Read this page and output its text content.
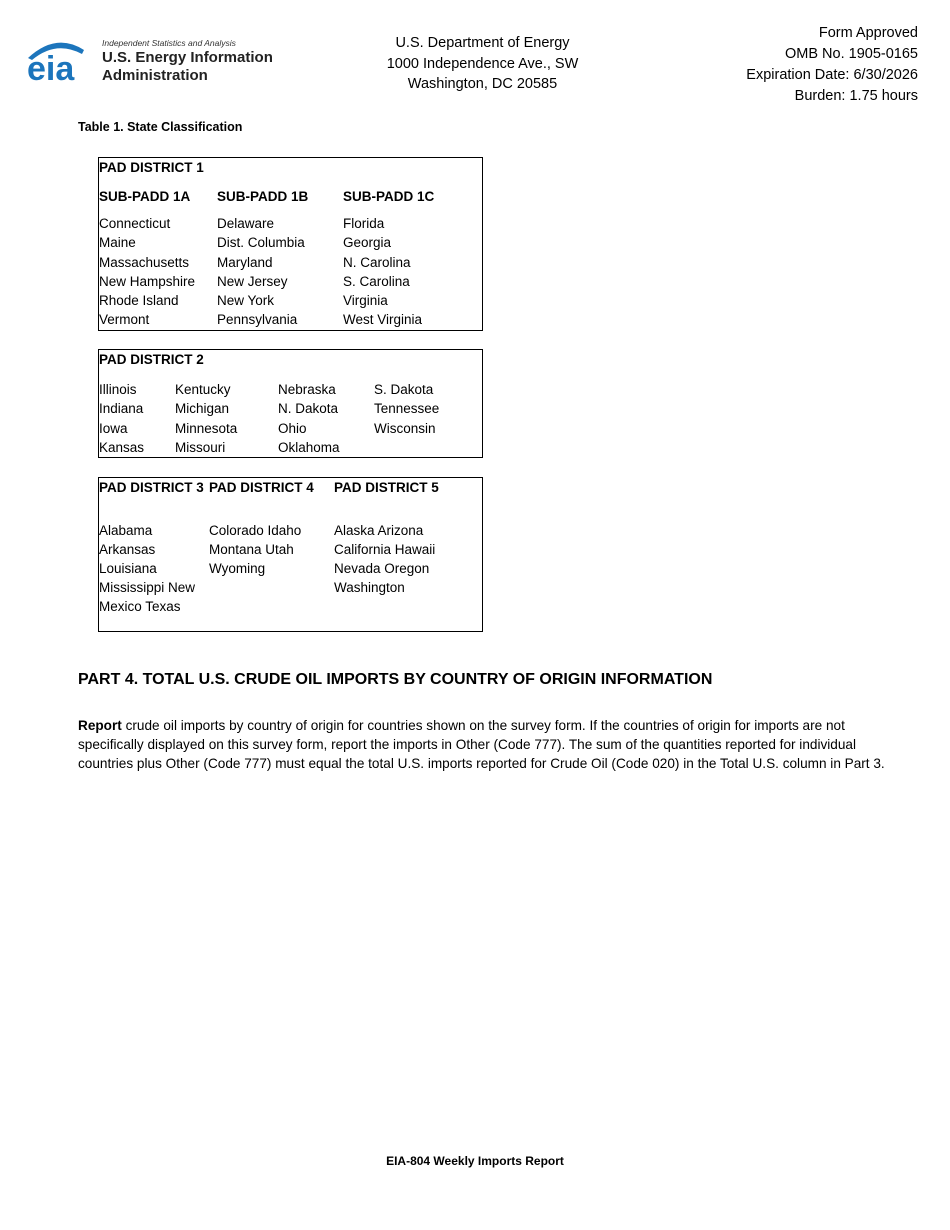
eia
Independent Statistics and Analysis
U.S. Energy Information
Administration
U.S. Department of Energy
1000 Independence Ave., SW
Washington, DC 20585
Form Approved
OMB No. 1905-0165
Expiration Date: 6/30/2026
Burden: 1.75 hours
Table 1. State Classification
PAD DISTRICT 1
SUB-PADD 1A SUB-PADD 1B	SUB-PADD 1C
Connecticut
Maine
Massachusetts
New Hampshire
Rhode Island
Vermont
Delaware
Dist. Columbia
Maryland
New Jersey
New York
Pennsylvania
Florida
Georgia
N. Carolina
S. Carolina
Virginia
West Virginia
PAD DISTRICT 2
Illinois
Indiana
Iowa
Kansas
Kentucky
Michigan
Minnesota
Missouri
Nebraska
N. Dakota
Ohio
Oklahoma
S. Dakota
Tennessee
Wisconsin
PAD DISTRICT 3 PAD DISTRICT 4 PAD DISTRICT 5
Alabama
Arkansas
Louisiana
Mississippi New
Mexico Texas
Colorado Idaho
Montana Utah
Wyoming
Alaska Arizona
California Hawaii
Nevada Oregon
Washington
PART 4. TOTAL U.S. CRUDE OIL IMPORTS BY COUNTRY OF ORIGIN INFORMATION
Report crude oil imports by country of origin for countries shown on the survey form. If the countries of origin for imports are not specifically displayed on this survey form, report the imports in Other (Code 777). The sum of the quantities reported for individual countries plus Other (Code 777) must equal the total U.S. imports reported for Crude Oil (Code 020) in the Total U.S. column in Part 3.
EIA-804 Weekly Imports Report
